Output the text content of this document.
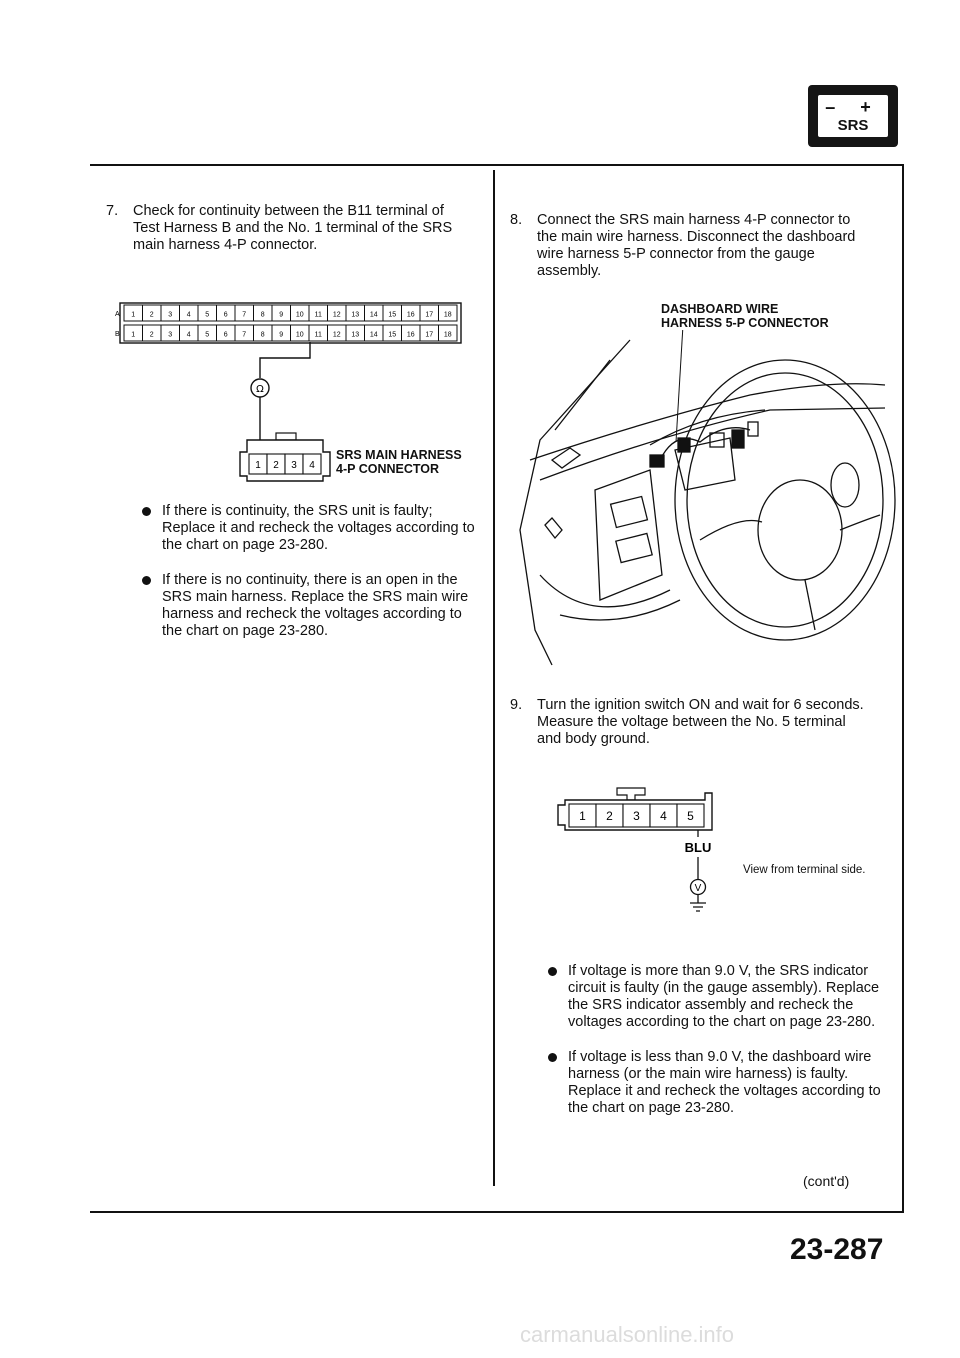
– +
SRS
7. Check for continuity between the B11 terminal of
Test Harness B and the No. 1 terminal of the SRS
main harness 4-P connector.
1 2 3 4 5 6 7 8 9 10 11 12 13 14 15 16 17 18
1 2 3 4 5 6 7 8 9 10 11 12 13 14 15 16 17 18
A
B
Ω
1 2 3 4
SRS MAIN HARNESS
4-P CONNECTOR
If there is continuity, the SRS unit is faulty;
Replace it and recheck the voltages according to
the chart on page 23-280.
If there is no continuity, there is an open in the
SRS main harness. Replace the SRS main wire
harness and recheck the voltages according to
the chart on page 23-280.
8. Connect the SRS main harness 4-P connector to
the main wire harness. Disconnect the dashboard
wire harness 5-P connector from the gauge
assembly.
DASHBOARD WIRE
HARNESS 5-P CONNECTOR
9. Turn the ignition switch ON and wait for 6 seconds.
Measure the voltage between the No. 5 terminal
and body ground.
1 2 3 4 5
BLU
V
View from terminal side.
If voltage is more than 9.0 V, the SRS indicator
circuit is faulty (in the gauge assembly). Replace
the SRS indicator assembly and recheck the
voltages according to the chart on page 23-280.
If voltage is less than 9.0 V, the dashboard wire
harness (or the main wire harness) is faulty.
Replace it and recheck the voltages according to
the chart on page 23-280.
(cont'd)
23-287
carmanualsonline.info
